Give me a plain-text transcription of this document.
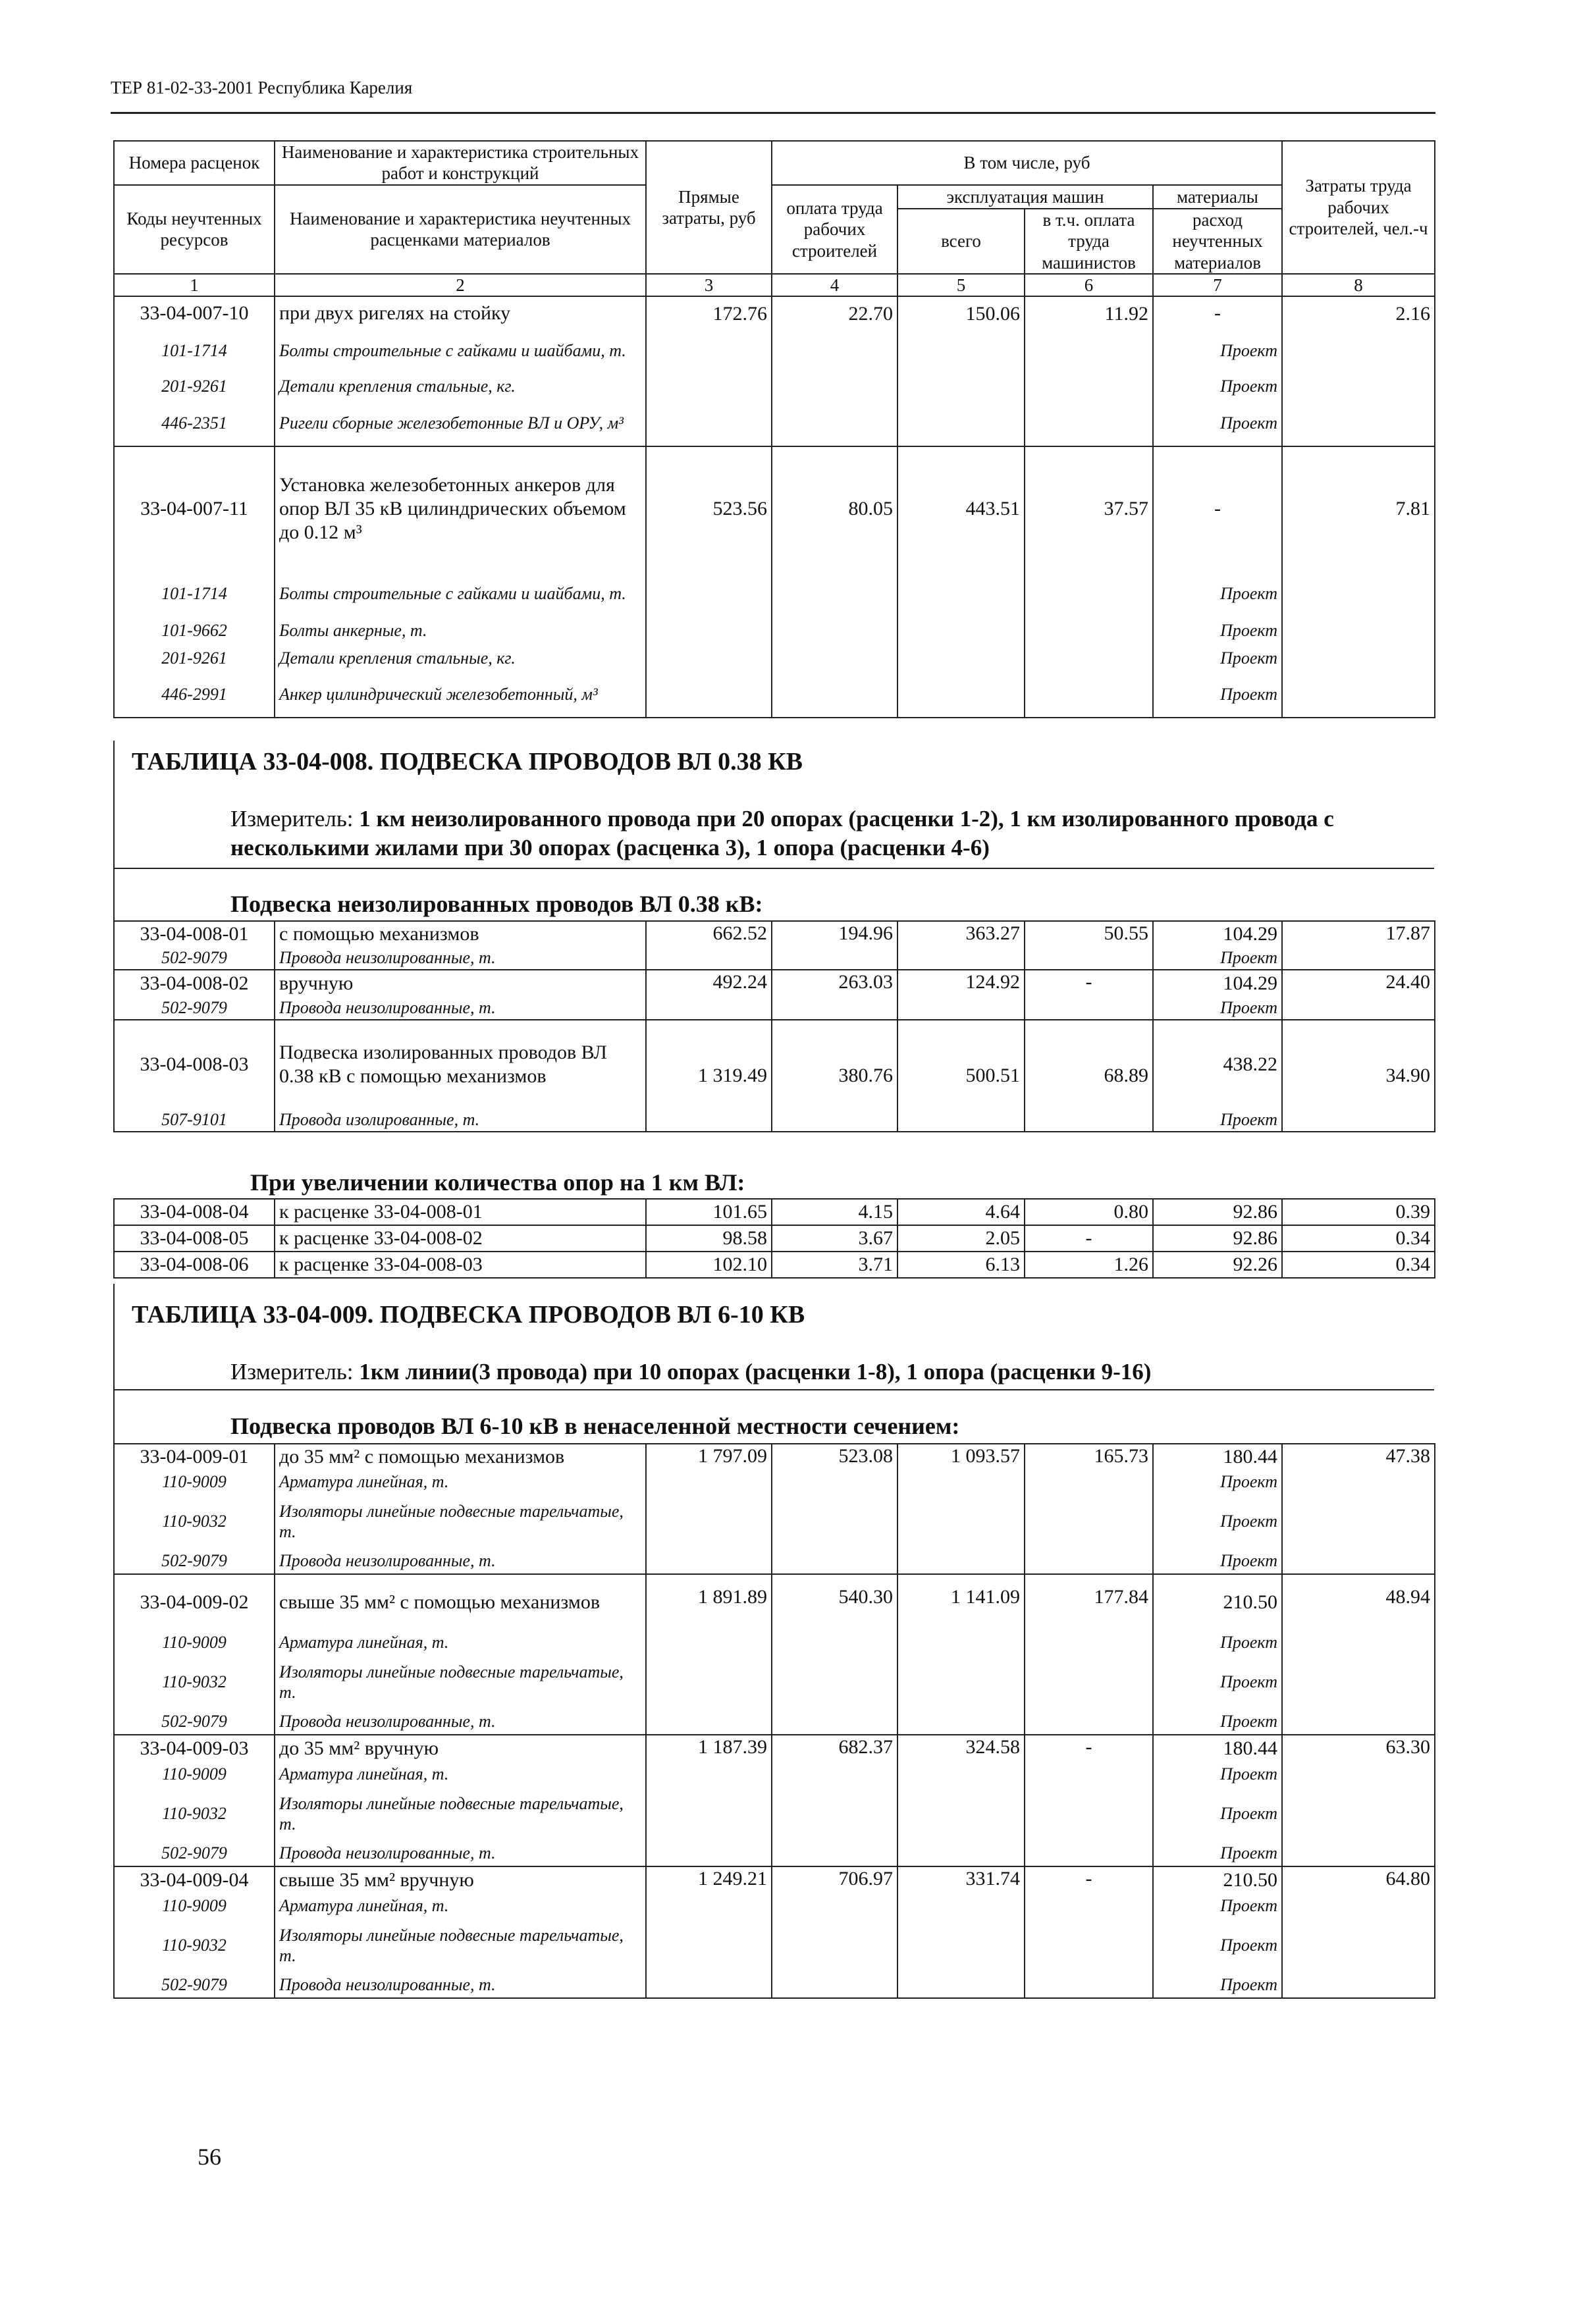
ТЕР 81-02-33-2001 Республика Карелия
Номера расценок	Наименование и характеристика строительных работ и конструкций	Прямые затраты, руб	В том числе, руб				Затраты труда рабочих строителей, чел.-ч
Коды неучтенных ресурсов	Наименование и характеристика неучтенных расценками материалов		оплата труда рабочих строителей	эксплуатация машин		материалы	
				всего	в т.ч. оплата труда машинистов	расход неучтенных материалов	
1	2	3	4	5	6	7	8
33-04-007-10	при двух ригелях на стойку	172.76	22.70	150.06	11.92	-	2.16
101-1714	Болты строительные с гайками и шайбами, т.					Проект	
201-9261	Детали крепления стальные, кг.					Проект	
446-2351	Ригели сборные железобетонные ВЛ и ОРУ, м³					Проект	
33-04-007-11	Установка железобетонных анкеров для опор ВЛ 35 кВ цилиндрических объемом до 0.12 м³	523.56	80.05	443.51	37.57	-	7.81
101-1714	Болты строительные с гайками и шайбами, т.					Проект	
101-9662	Болты анкерные, т.					Проект	
201-9261	Детали крепления стальные, кг.					Проект	
446-2991	Анкер цилиндрический железобетонный, м³					Проект	
ТАБЛИЦА 33-04-008. ПОДВЕСКА ПРОВОДОВ ВЛ 0.38 КВ
Измеритель: 1 км неизолированного провода при 20 опорах (расценки 1-2), 1 км изолированного провода с несколькими жилами при 30 опорах (расценка 3), 1 опора (расценки 4-6)
Подвеска неизолированных проводов ВЛ 0.38 кВ:
33-04-008-01	с помощью механизмов	662.52	194.96	363.27	50.55	104.29	17.87
502-9079	Провода неизолированные, т.					Проект	
33-04-008-02	вручную	492.24	263.03	124.92	-	104.29	24.40
502-9079	Провода неизолированные, т.					Проект	
33-04-008-03	Подвеска изолированных проводов ВЛ 0.38 кВ с помощью механизмов	1 319.49	380.76	500.51	68.89	438.22	34.90
507-9101	Провода изолированные, т.					Проект	
При увеличении количества опор на 1 км ВЛ:
33-04-008-04	к расценке 33-04-008-01	101.65	4.15	4.64	0.80	92.86	0.39
33-04-008-05	к расценке 33-04-008-02	98.58	3.67	2.05	-	92.86	0.34
33-04-008-06	к расценке 33-04-008-03	102.10	3.71	6.13	1.26	92.26	0.34
ТАБЛИЦА 33-04-009. ПОДВЕСКА ПРОВОДОВ ВЛ 6-10 КВ
Измеритель: 1км линии(3 провода) при 10 опорах (расценки 1-8), 1 опора (расценки 9-16)
Подвеска проводов ВЛ 6-10 кВ в ненаселенной местности сечением:
33-04-009-01	до 35 мм² с помощью механизмов	1 797.09	523.08	1 093.57	165.73	180.44	47.38
110-9009	Арматура линейная, т.					Проект	
110-9032	Изоляторы линейные подвесные тарельчатые, т.					Проект	
502-9079	Провода неизолированные, т.					Проект	
33-04-009-02	свыше 35 мм² с помощью механизмов	1 891.89	540.30	1 141.09	177.84	210.50	48.94
110-9009	Арматура линейная, т.					Проект	
110-9032	Изоляторы линейные подвесные тарельчатые, т.					Проект	
502-9079	Провода неизолированные, т.					Проект	
33-04-009-03	до 35 мм² вручную	1 187.39	682.37	324.58	-	180.44	63.30
110-9009	Арматура линейная, т.					Проект	
110-9032	Изоляторы линейные подвесные тарельчатые, т.					Проект	
502-9079	Провода неизолированные, т.					Проект	
33-04-009-04	свыше 35 мм² вручную	1 249.21	706.97	331.74	-	210.50	64.80
110-9009	Арматура линейная, т.					Проект	
110-9032	Изоляторы линейные подвесные тарельчатые, т.					Проект	
502-9079	Провода неизолированные, т.					Проект	
56
